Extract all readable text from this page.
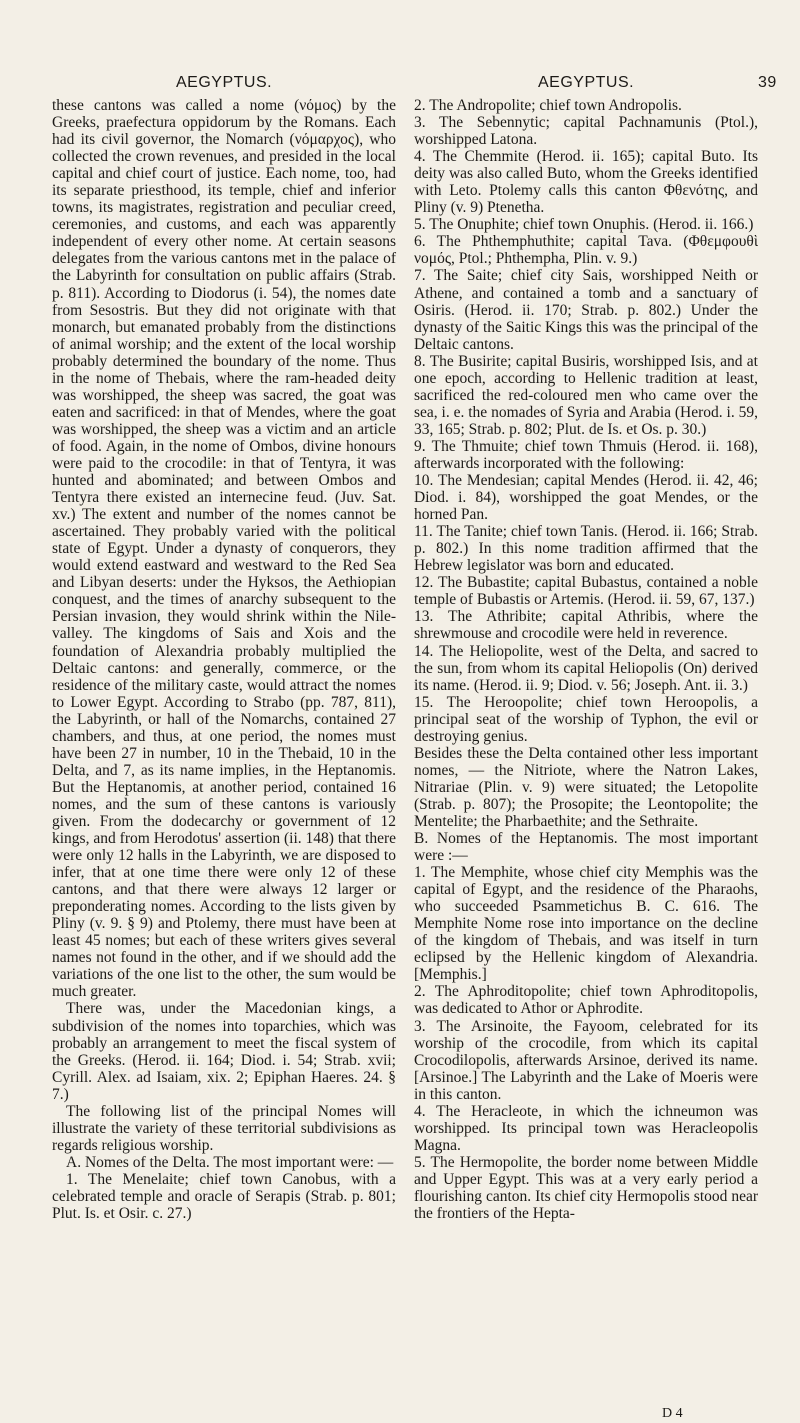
AEGYPTUS.	AEGYPTUS.	39

these cantons was called a nome (νόμος) by the Greeks, praefectura oppidorum by the Romans. Each had its civil governor, the Nomarch (νόμαρχος), who collected the crown revenues, and presided in the local capital and chief court of justice. Each nome, too, had its separate priesthood, its temple, chief and inferior towns, its magistrates, registration and peculiar creed, ceremonies, and customs, and each was apparently independent of every other nome. At certain seasons delegates from the various cantons met in the palace of the Labyrinth for consultation on public affairs (Strab. p. 811). According to Diodorus (i. 54), the nomes date from Sesostris. But they did not originate with that monarch, but emanated probably from the distinctions of animal worship; and the extent of the local worship probably determined the boundary of the nome. Thus in the nome of Thebais, where the ram-headed deity was worshipped, the sheep was sacred, the goat was eaten and sacrificed: in that of Mendes, where the goat was worshipped, the sheep was a victim and an article of food. Again, in the nome of Ombos, divine honours were paid to the crocodile: in that of Tentyra, it was hunted and abominated; and between Ombos and Tentyra there existed an internecine feud. (Juv. Sat. xv.) The extent and number of the nomes cannot be ascertained. They probably varied with the political state of Egypt. Under a dynasty of conquerors, they would extend eastward and westward to the Red Sea and Libyan deserts: under the Hyksos, the Aethiopian conquest, and the times of anarchy subsequent to the Persian invasion, they would shrink within the Nile-valley. The kingdoms of Sais and Xois and the foundation of Alexandria probably multiplied the Deltaic cantons: and generally, commerce, or the residence of the military caste, would attract the nomes to Lower Egypt. According to Strabo (pp. 787, 811), the Labyrinth, or hall of the Nomarchs, contained 27 chambers, and thus, at one period, the nomes must have been 27 in number, 10 in the Thebaid, 10 in the Delta, and 7, as its name implies, in the Heptanomis. But the Heptanomis, at another period, contained 16 nomes, and the sum of these cantons is variously given. From the dodecarchy or government of 12 kings, and from Herodotus' assertion (ii. 148) that there were only 12 halls in the Labyrinth, we are disposed to infer, that at one time there were only 12 of these cantons, and that there were always 12 larger or preponderating nomes. According to the lists given by Pliny (v. 9. § 9) and Ptolemy, there must have been at least 45 nomes; but each of these writers gives several names not found in the other, and if we should add the variations of the one list to the other, the sum would be much greater.

There was, under the Macedonian kings, a subdivision of the nomes into toparchies, which was probably an arrangement to meet the fiscal system of the Greeks. (Herod. ii. 164; Diod. i. 54; Strab. xvii; Cyrill. Alex. ad Isaiam, xix. 2; Epiphan Haeres. 24. § 7.)

The following list of the principal Nomes will illustrate the variety of these territorial subdivisions as regards religious worship.

A. Nomes of the Delta. The most important were: —

1. The Menelaite; chief town Canobus, with a celebrated temple and oracle of Serapis (Strab. p. 801; Plut. Is. et Osir. c. 27.)

2. The Andropolite; chief town Andropolis.

3. The Sebennytic; capital Pachnamunis (Ptol.), worshipped Latona.

4. The Chemmite (Herod. ii. 165); capital Buto. Its deity was also called Buto, whom the Greeks identified with Leto. Ptolemy calls this canton Φθενότης, and Pliny (v. 9) Ptenetha.

5. The Onuphite; chief town Onuphis. (Herod. ii. 166.)

6. The Phthemphuthite; capital Tava. (Φθεμφουθὶ νομός, Ptol.; Phthempha, Plin. v. 9.)

7. The Saite; chief city Sais, worshipped Neith or Athene, and contained a tomb and a sanctuary of Osiris. (Herod. ii. 170; Strab. p. 802.) Under the dynasty of the Saitic Kings this was the principal of the Deltaic cantons.

8. The Busirite; capital Busiris, worshipped Isis, and at one epoch, according to Hellenic tradition at least, sacrificed the red-coloured men who came over the sea, i. e. the nomades of Syria and Arabia (Herod. i. 59, 33, 165; Strab. p. 802; Plut. de Is. et Os. p. 30.)

9. The Thmuite; chief town Thmuis (Herod. ii. 168), afterwards incorporated with the following:

10. The Mendesian; capital Mendes (Herod. ii. 42, 46; Diod. i. 84), worshipped the goat Mendes, or the horned Pan.

11. The Tanite; chief town Tanis. (Herod. ii. 166; Strab. p. 802.) In this nome tradition affirmed that the Hebrew legislator was born and educated.

12. The Bubastite; capital Bubastus, contained a noble temple of Bubastis or Artemis. (Herod. ii. 59, 67, 137.)

13. The Athribite; capital Athribis, where the shrewmouse and crocodile were held in reverence.

14. The Heliopolite, west of the Delta, and sacred to the sun, from whom its capital Heliopolis (On) derived its name. (Herod. ii. 9; Diod. v. 56; Joseph. Ant. ii. 3.)

15. The Heroopolite; chief town Heroopolis, a principal seat of the worship of Typhon, the evil or destroying genius.

Besides these the Delta contained other less important nomes, — the Nitriote, where the Natron Lakes, Nitrariae (Plin. v. 9) were situated; the Letopolite (Strab. p. 807); the Prosopite; the Leontopolite; the Mentelite; the Pharbaethite; and the Sethraite.

B. Nomes of the Heptanomis. The most important were :—

1. The Memphite, whose chief city Memphis was the capital of Egypt, and the residence of the Pharaohs, who succeeded Psammetichus B. C. 616. The Memphite Nome rose into importance on the decline of the kingdom of Thebais, and was itself in turn eclipsed by the Hellenic kingdom of Alexandria. [Memphis.]

2. The Aphroditopolite; chief town Aphroditopolis, was dedicated to Athor or Aphrodite.

3. The Arsinoite, the Fayoom, celebrated for its worship of the crocodile, from which its capital Crocodilopolis, afterwards Arsinoe, derived its name. [Arsinoe.] The Labyrinth and the Lake of Moeris were in this canton.

4. The Heracleote, in which the ichneumon was worshipped. Its principal town was Heracleopolis Magna.

5. The Hermopolite, the border nome between Middle and Upper Egypt. This was at a very early period a flourishing canton. Its chief city Hermopolis stood near the frontiers of the Hepta-

D 4
